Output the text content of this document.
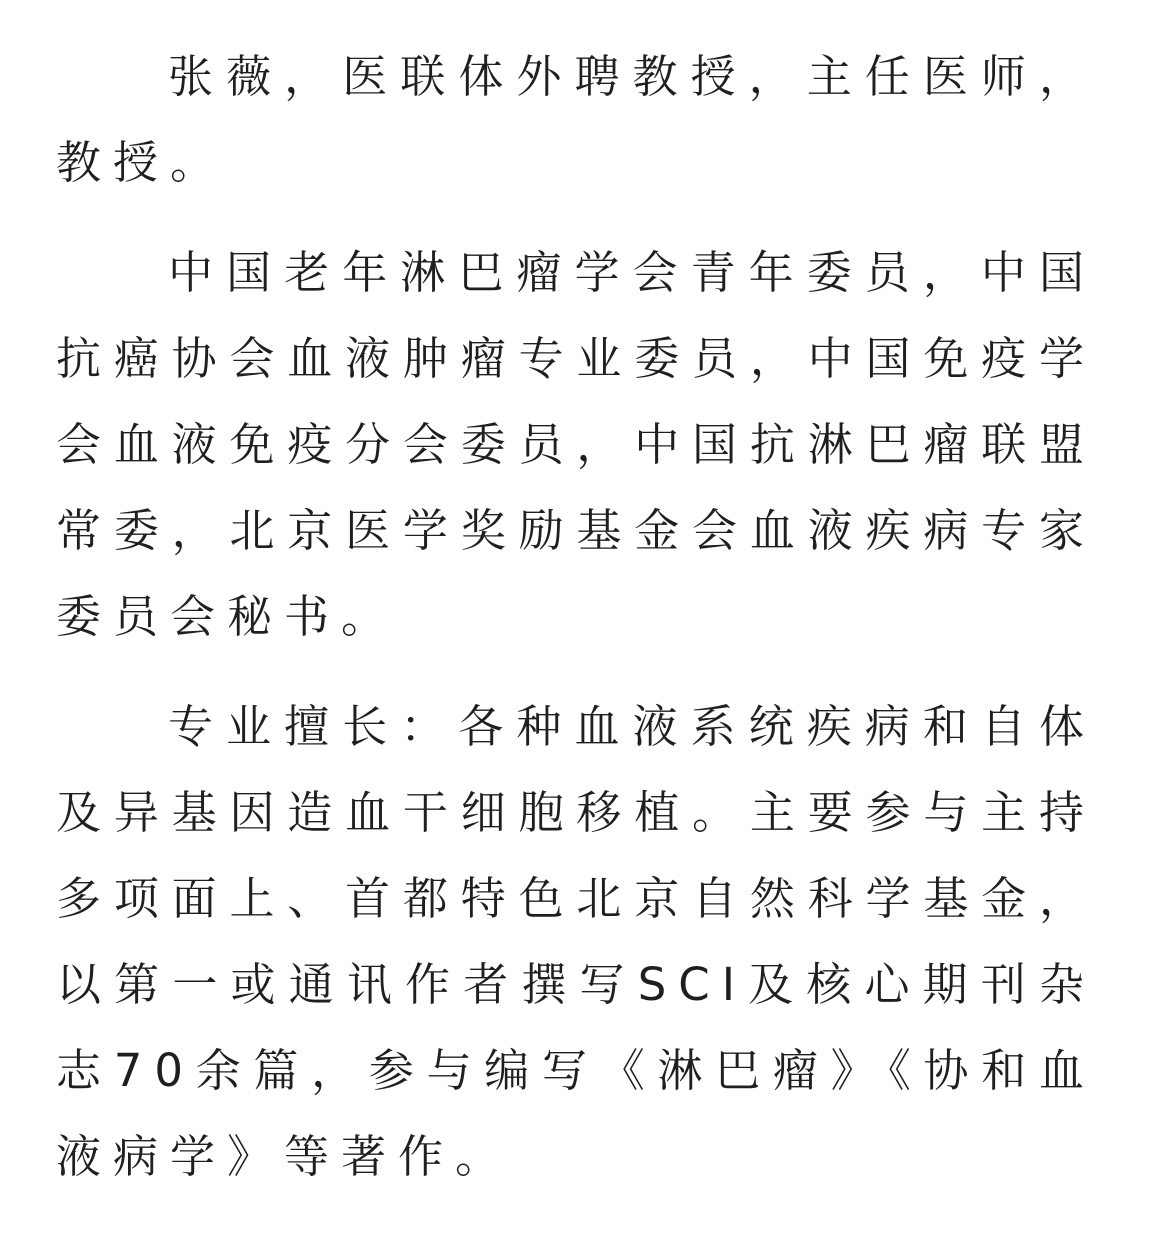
张薇，医联体外聘教授，主任医师，教授。

中国老年淋巴瘤学会青年委员，中国抗癌协会血液肿瘤专业委员，中国免疫学会血液免疫分会委员，中国抗淋巴瘤联盟常委，北京医学奖励基金会血液疾病专家委员会秘书。

专业擅长：各种血液系统疾病和自体及异基因造血干细胞移植。主要参与主持多项面上、首都特色北京自然科学基金，以第一或通讯作者撰写SCI及核心期刊杂志70余篇，参与编写《淋巴瘤》《协和血液病学》等著作。
